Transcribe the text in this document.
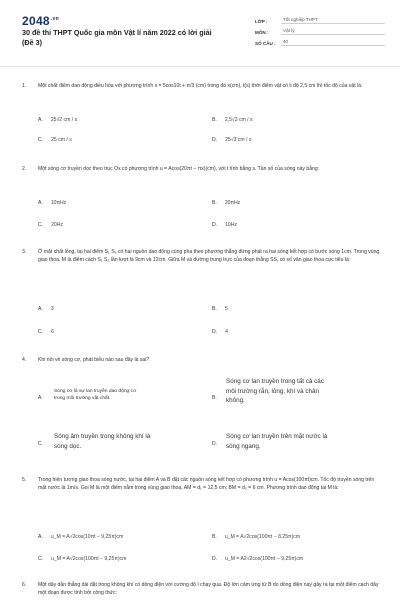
$2048^{.vn}$
30 đề thi THPT Quốc gia môn Vật lí năm 2022 có lời giải
(Đề 3)
LỚP :	Tốt nghiệp THPT
MÔN :	Vật lý
SỐ CÂU :	40
1.	Một chất điểm dao động điều hòa với phương trình x = 5cos10t + π/3 (cm) trong đó x(cm), t(s) thời điểm vật có li độ 2,5 cm thì tốc độ của vật là:
A. 25√2 cm / s	B. 2,5√3 cm / s
C. 25 cm / s	D. 25√3 cm / s
2.	Một sóng cơ truyền dọc theo trục Ox có phương trình u = Acos(20πt − πx)(cm), với t tính bằng s. Tần số của sóng này bằng:
A. 10πHz	B. 20πHz
C. 20Hz	D. 10Hz
3.	Ở mặt chất lỏng, tại hai điểm S₁ S₂ có hai nguồn dao động cùng pha theo phương thẳng đứng phát ra hai sóng kết hợp có bước sóng 1cm. Trong vùng giao thoa, M là điểm cách S₁ S₂ lần lượt là 9cm và 12cm. Giữa M và đường trung trực của đoạn thẳng SS, có số vân giao thoa cực tiểu là:
A. 3	B. 5
C. 6	D. 4
4.	Khi nói về sóng cơ, phát biểu nào sau đây là sai?
A.
Sóng cơ là sự lan truyền dao động cơ
trong môi trường vật chất.	B.
Sóng cơ lan truyền trong tất cả các
môi trường rắn, lỏng, khí và chân
không.
C.
Sóng âm truyền trong không khí là
sóng dọc.	D.
Sóng cơ lan truyền trên mặt nước là
sóng ngang.
5.	Trong hiện tượng giao thoa sóng nước, tại hai điểm A và B đặt các nguồn sóng kết hợp có phương trình u = Acos(100πt)cm. Tốc độ truyền sóng trên mặt nước là 1m/s. Gọi M là một điểm nằm trong vùng giao thoa, AM = d₁ = 12,5 cm; BM = d₂ = 6 cm. Phương trình dao động tại M là:
A. u_M = A√2cos(10πt − 9,25π)cm	B. u_M = A√2cos(100πt − 8,25π)cm
C. u_M = A√2cos(100πt − 9,25π)cm	D. u_M = A2√2cos(100πt − 9,25π)cm
6.	Một dây dẫn thẳng dài đặt trong không khí có dòng điện với cường độ I chạy qua. Độ lớn cảm ứng từ B do dòng điện này gây ra tại một điểm cách dây một đoạn được tính bởi công thức:
